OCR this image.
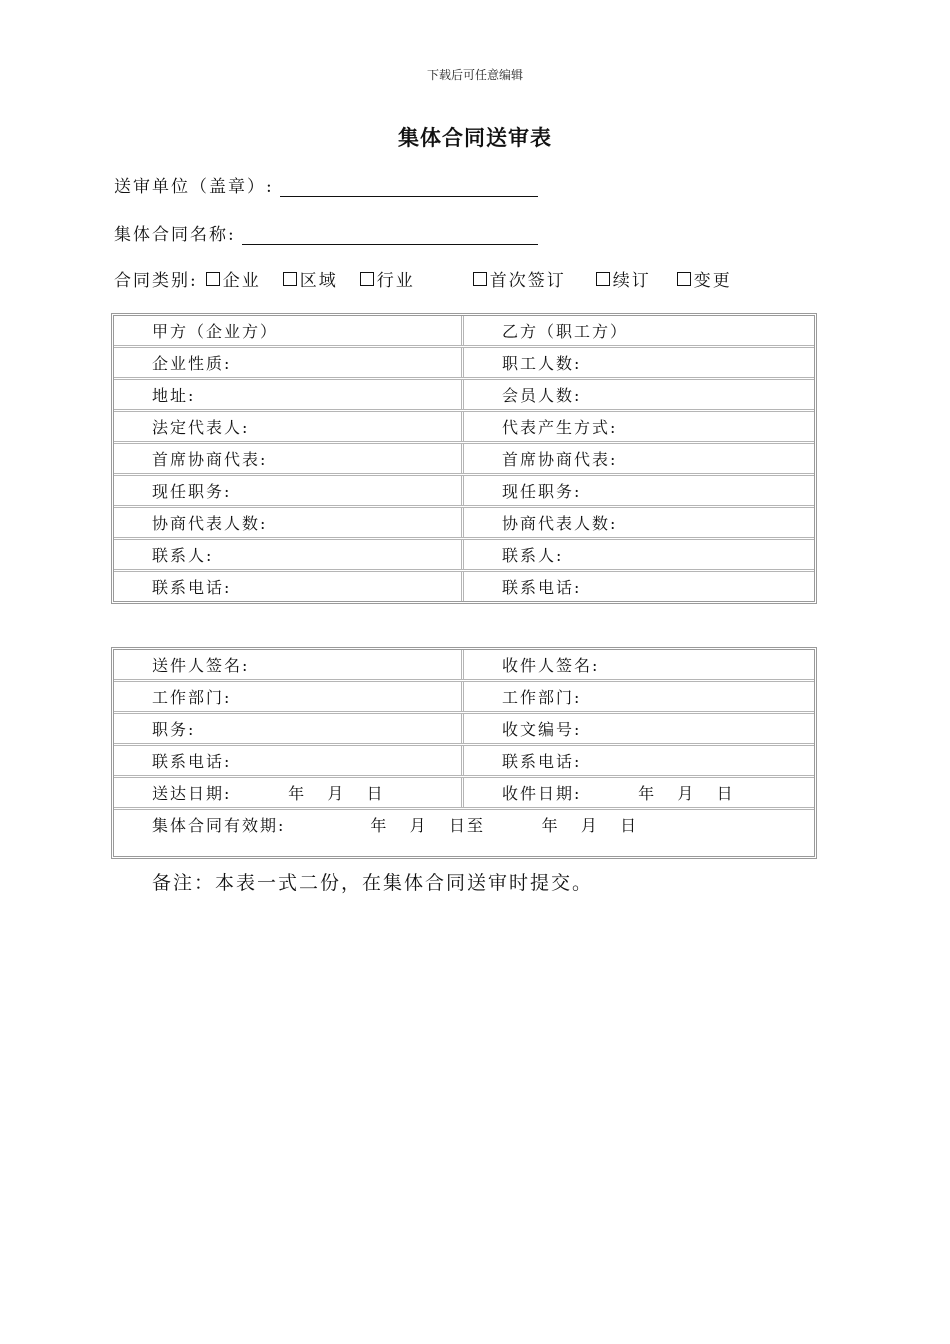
下载后可任意编辑
集体合同送审表
送审单位（盖章）:
集体合同名称:
合同类别: 企业 区域 行业	首次签订	续订	变更
甲方（企业方）	乙方（职工方）
企业性质:	职工人数:
地址:	会员人数:
法定代表人:	代表产生方式:
首席协商代表:	首席协商代表:
现任职务:	现任职务:
协商代表人数:	协商代表人数:
联系人:	联系人:
联系电话:	联系电话:
送件人签名:	收件人签名:
工作部门:	工作部门:
职务:	收文编号:
联系电话:	联系电话:
送达日期:        年   月   日	收件日期:        年   月   日
集体合同有效期:            年   月   日至        年   月   日
备注：本表一式二份，在集体合同送审时提交。
